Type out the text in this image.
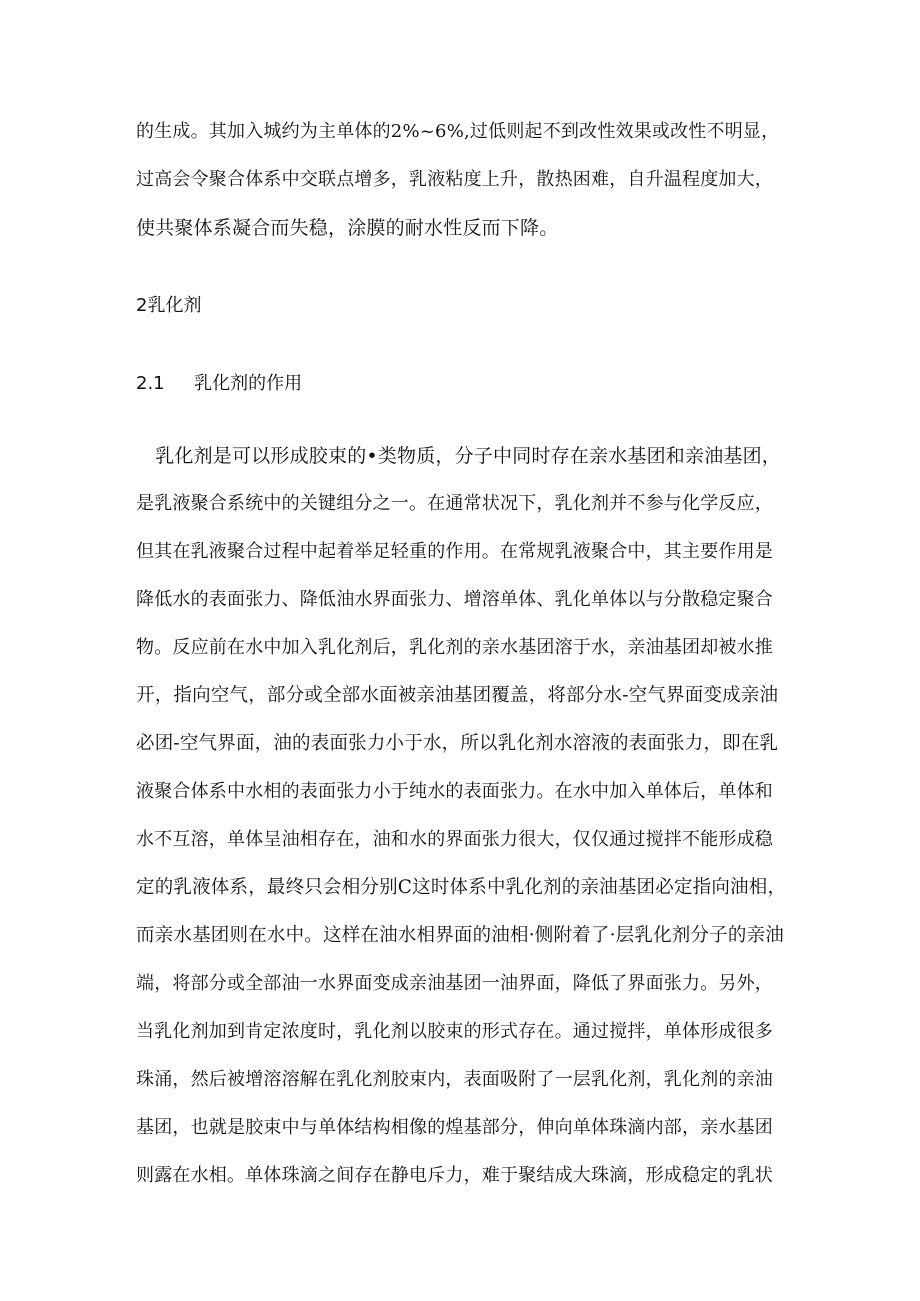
的生成。其加入城约为主单体的2%~6%,过低则起不到改性效果或改性不明显，
过高会令聚合体系中交联点增多，乳液粘度上升，散热困难，自升温程度加大，
使共聚体系凝合而失稳，涂膜的耐水性反而下降。
2乳化剂
2.1 乳化剂的作用
　乳化剂是可以形成胶束的•类物质，分子中同时存在亲水基团和亲油基团，
是乳液聚合系统中的关键组分之一。在通常状况下，乳化剂并不参与化学反应，
但其在乳液聚合过程中起着举足轻重的作用。在常规乳液聚合中，其主要作用是
降低水的表面张力、降低油水界面张力、增溶单体、乳化单体以与分散稳定聚合
物。反应前在水中加入乳化剂后，乳化剂的亲水基团溶于水，亲油基团却被水推
开，指向空气，部分或全部水面被亲油基团覆盖，将部分水-空气界面变成亲油
必团-空气界面，油的表面张力小于水，所以乳化剂水溶液的表面张力，即在乳
液聚合体系中水相的表面张力小于纯水的表面张力。在水中加入单体后，单体和
水不互溶，单体呈油相存在，油和水的界面张力很大，仅仅通过搅拌不能形成稳
定的乳液体系，最终只会相分别C这时体系中乳化剂的亲油基团必定指向油相，
而亲水基团则在水中。这样在油水相界面的油相·侧附着了·层乳化剂分子的亲油
端，将部分或全部油一水界面变成亲油基团一油界面，降低了界面张力。另外，
当乳化剂加到肯定浓度时，乳化剂以胶束的形式存在。通过搅拌，单体形成很多
珠涌，然后被增溶溶解在乳化剂胶束内，表面吸附了一层乳化剂，乳化剂的亲油
基团，也就是胶束中与单体结构相像的煌基部分，伸向单体珠滴内部，亲水基团
则露在水相。单体珠滴之间存在静电斥力，难于聚结成大珠滴，形成稳定的乳状
